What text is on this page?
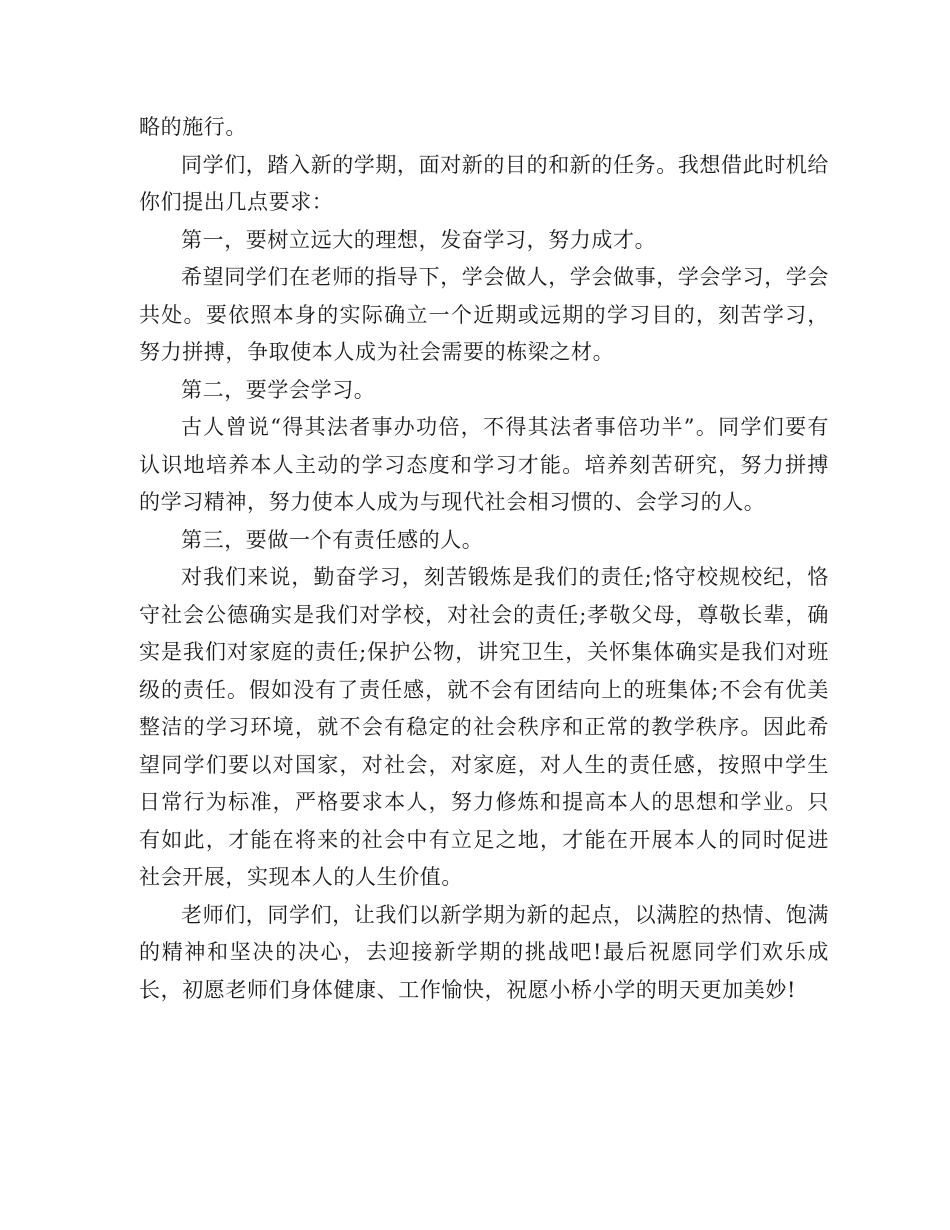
略的施行。

同学们，踏入新的学期，面对新的目的和新的任务。我想借此时机给你们提出几点要求：

第一，要树立远大的理想，发奋学习，努力成才。

希望同学们在老师的指导下，学会做人，学会做事，学会学习，学会共处。要依照本身的实际确立一个近期或远期的学习目的，刻苦学习，努力拼搏，争取使本人成为社会需要的栋梁之材。

第二，要学会学习。

古人曾说“得其法者事办功倍，不得其法者事倍功半”。同学们要有认识地培养本人主动的学习态度和学习才能。培养刻苦研究，努力拼搏的学习精神，努力使本人成为与现代社会相习惯的、会学习的人。

第三，要做一个有责任感的人。

对我们来说，勤奋学习，刻苦锻炼是我们的责任;恪守校规校纪，恪守社会公德确实是我们对学校，对社会的责任;孝敬父母，尊敬长辈，确实是我们对家庭的责任;保护公物，讲究卫生，关怀集体确实是我们对班级的责任。假如没有了责任感，就不会有团结向上的班集体;不会有优美整洁的学习环境，就不会有稳定的社会秩序和正常的教学秩序。因此希望同学们要以对国家，对社会，对家庭，对人生的责任感，按照中学生日常行为标准，严格要求本人，努力修炼和提高本人的思想和学业。只有如此，才能在将来的社会中有立足之地，才能在开展本人的同时促进社会开展，实现本人的人生价值。

老师们，同学们，让我们以新学期为新的起点，以满腔的热情、饱满的精神和坚决的决心，去迎接新学期的挑战吧!最后祝愿同学们欢乐成长，初愿老师们身体健康、工作愉快，祝愿小桥小学的明天更加美妙!
